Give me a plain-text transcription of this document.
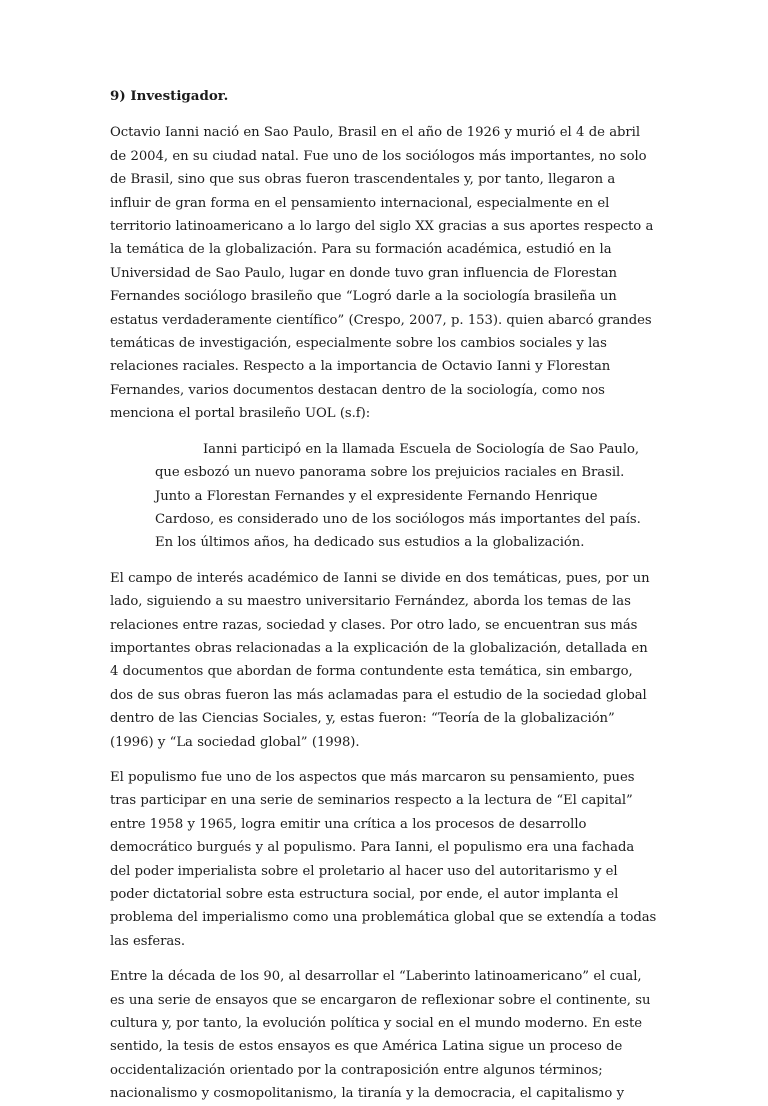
9) Investigador.

Octavio Ianni nació en Sao Paulo, Brasil en el año de 1926 y murió el 4 de abril de 2004, en su ciudad natal. Fue uno de los sociólogos más importantes, no solo de Brasil, sino que sus obras fueron trascendentales y, por tanto, llegaron a influir de gran forma en el pensamiento internacional, especialmente en el territorio latinoamericano a lo largo del siglo XX gracias a sus aportes respecto a la temática de la globalización. Para su formación académica, estudió en la Universidad de Sao Paulo, lugar en donde tuvo gran influencia de Florestan Fernandes sociólogo brasileño que “Logró darle a la sociología brasileña un estatus verdaderamente científico” (Crespo, 2007, p. 153). quien abarcó grandes temáticas de investigación, especialmente sobre los cambios sociales y las relaciones raciales. Respecto a la importancia de Octavio Ianni y Florestan Fernandes, varios documentos destacan dentro de la sociología, como nos menciona el portal brasileño UOL (s.f):

Ianni participó en la llamada Escuela de Sociología de Sao Paulo, que esbozó un nuevo panorama sobre los prejuicios raciales en Brasil. Junto a Florestan Fernandes y el expresidente Fernando Henrique Cardoso, es considerado uno de los sociólogos más importantes del país. En los últimos años, ha dedicado sus estudios a la globalización.

El campo de interés académico de Ianni se divide en dos temáticas, pues, por un lado, siguiendo a su maestro universitario Fernández, aborda los temas de las relaciones entre razas, sociedad y clases. Por otro lado, se encuentran sus más importantes obras relacionadas a la explicación de la globalización, detallada en 4 documentos que abordan de forma contundente esta temática, sin embargo, dos de sus obras fueron las más aclamadas para el estudio de la sociedad global dentro de las Ciencias Sociales, y, estas fueron: “Teoría de la globalización” (1996) y “La sociedad global” (1998).

El populismo fue uno de los aspectos que más marcaron su pensamiento, pues tras participar en una serie de seminarios respecto a la lectura de “El capital” entre 1958 y 1965, logra emitir una crítica a los procesos de desarrollo democrático burgués y al populismo. Para Ianni, el populismo era una fachada del poder imperialista sobre el proletario al hacer uso del autoritarismo y el poder dictatorial sobre esta estructura social, por ende, el autor implanta el problema del imperialismo como una problemática global que se extendía a todas las esferas.

Entre la década de los 90, al desarrollar el “Laberinto latinoamericano” el cual, es una serie de ensayos que se encargaron de reflexionar sobre el continente, su cultura y, por tanto, la evolución política y social en el mundo moderno. En este sentido, la tesis de estos ensayos es que América Latina sigue un proceso de occidentalización orientado por la contraposición entre algunos términos; nacionalismo y cosmopolitanismo, la tiranía y la democracia, el capitalismo y
